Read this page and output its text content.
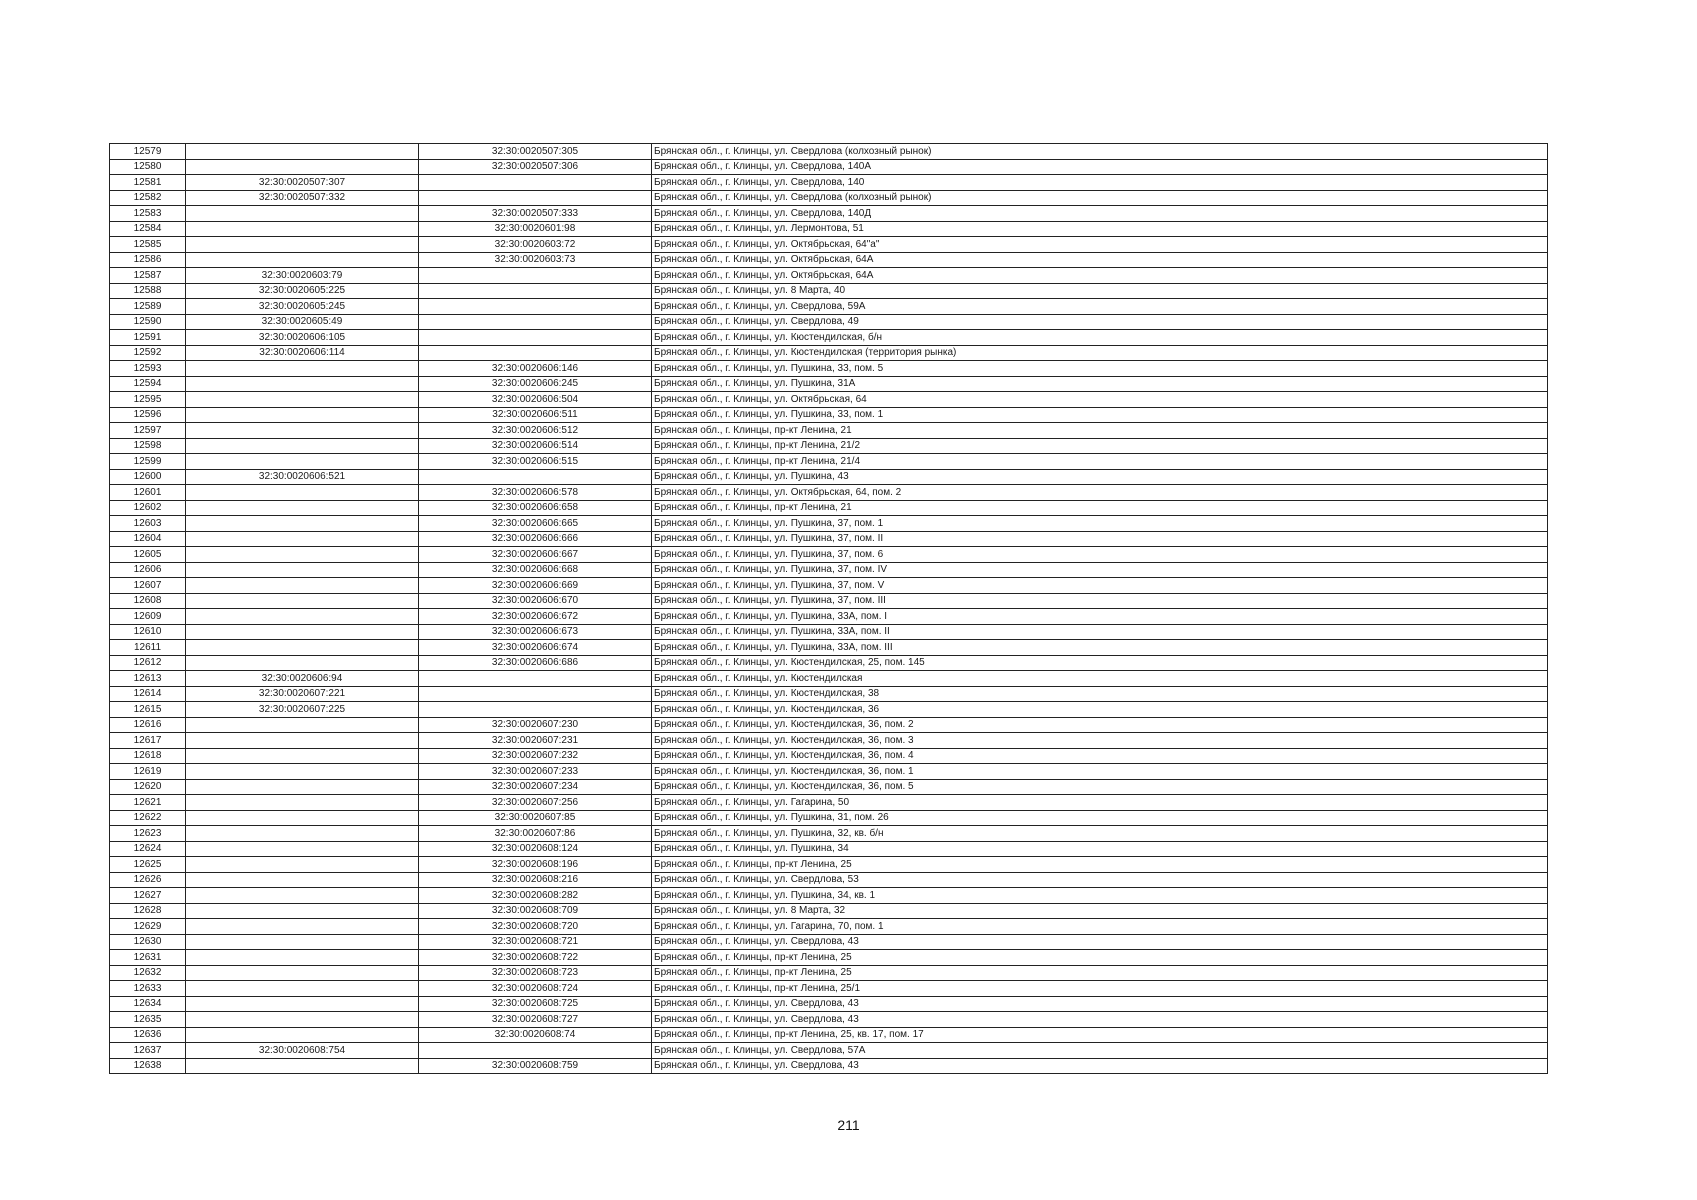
12579		32:30:0020507:305	Брянская обл., г. Клинцы, ул. Свердлова (колхозный рынок)
12580		32:30:0020507:306	Брянская обл., г. Клинцы, ул. Свердлова, 140А
12581	32:30:0020507:307		Брянская обл., г. Клинцы, ул. Свердлова, 140
12582	32:30:0020507:332		Брянская обл., г. Клинцы, ул. Свердлова (колхозный рынок)
12583		32:30:0020507:333	Брянская обл., г. Клинцы, ул. Свердлова, 140Д
12584		32:30:0020601:98	Брянская обл., г. Клинцы, ул. Лермонтова, 51
12585		32:30:0020603:72	Брянская обл., г. Клинцы, ул. Октябрьская, 64"а"
12586		32:30:0020603:73	Брянская обл., г. Клинцы, ул. Октябрьская, 64А
12587	32:30:0020603:79		Брянская обл., г. Клинцы, ул. Октябрьская, 64А
12588	32:30:0020605:225		Брянская обл., г. Клинцы, ул. 8 Марта, 40
12589	32:30:0020605:245		Брянская обл., г. Клинцы, ул. Свердлова, 59А
12590	32:30:0020605:49		Брянская обл., г. Клинцы, ул. Свердлова, 49
12591	32:30:0020606:105		Брянская обл., г. Клинцы, ул. Кюстендилская, б/н
12592	32:30:0020606:114		Брянская обл., г. Клинцы, ул. Кюстендилская (территория рынка)
12593		32:30:0020606:146	Брянская обл., г. Клинцы, ул. Пушкина, 33, пом. 5
12594		32:30:0020606:245	Брянская обл., г. Клинцы, ул. Пушкина, 31А
12595		32:30:0020606:504	Брянская обл., г. Клинцы, ул. Октябрьская, 64
12596		32:30:0020606:511	Брянская обл., г. Клинцы, ул. Пушкина, 33, пом. 1
12597		32:30:0020606:512	Брянская обл., г. Клинцы, пр-кт Ленина, 21
12598		32:30:0020606:514	Брянская обл., г. Клинцы, пр-кт Ленина, 21/2
12599		32:30:0020606:515	Брянская обл., г. Клинцы, пр-кт Ленина, 21/4
12600	32:30:0020606:521		Брянская обл., г. Клинцы, ул. Пушкина, 43
12601		32:30:0020606:578	Брянская обл., г. Клинцы, ул. Октябрьская, 64, пом. 2
12602		32:30:0020606:658	Брянская обл., г. Клинцы, пр-кт Ленина, 21
12603		32:30:0020606:665	Брянская обл., г. Клинцы, ул. Пушкина, 37, пом. 1
12604		32:30:0020606:666	Брянская обл., г. Клинцы, ул. Пушкина, 37, пом. II
12605		32:30:0020606:667	Брянская обл., г. Клинцы, ул. Пушкина, 37, пом. 6
12606		32:30:0020606:668	Брянская обл., г. Клинцы, ул. Пушкина, 37, пом. IV
12607		32:30:0020606:669	Брянская обл., г. Клинцы, ул. Пушкина, 37, пом. V
12608		32:30:0020606:670	Брянская обл., г. Клинцы, ул. Пушкина, 37, пом. III
12609		32:30:0020606:672	Брянская обл., г. Клинцы, ул. Пушкина, 33А, пом. I
12610		32:30:0020606:673	Брянская обл., г. Клинцы, ул. Пушкина, 33А, пом. II
12611		32:30:0020606:674	Брянская обл., г. Клинцы, ул. Пушкина, 33А, пом. III
12612		32:30:0020606:686	Брянская обл., г. Клинцы, ул. Кюстендилская, 25, пом. 145
12613	32:30:0020606:94		Брянская обл., г. Клинцы, ул. Кюстендилская
12614	32:30:0020607:221		Брянская обл., г. Клинцы, ул. Кюстендилская, 38
12615	32:30:0020607:225		Брянская обл., г. Клинцы, ул. Кюстендилская, 36
12616		32:30:0020607:230	Брянская обл., г. Клинцы, ул. Кюстендилская, 36, пом. 2
12617		32:30:0020607:231	Брянская обл., г. Клинцы, ул. Кюстендилская, 36, пом. 3
12618		32:30:0020607:232	Брянская обл., г. Клинцы, ул. Кюстендилская, 36, пом. 4
12619		32:30:0020607:233	Брянская обл., г. Клинцы, ул. Кюстендилская, 36, пом. 1
12620		32:30:0020607:234	Брянская обл., г. Клинцы, ул. Кюстендилская, 36, пом. 5
12621		32:30:0020607:256	Брянская обл., г. Клинцы, ул. Гагарина, 50
12622		32:30:0020607:85	Брянская обл., г. Клинцы, ул. Пушкина, 31, пом. 26
12623		32:30:0020607:86	Брянская обл., г. Клинцы, ул. Пушкина, 32, кв. б/н
12624		32:30:0020608:124	Брянская обл., г. Клинцы, ул. Пушкина, 34
12625		32:30:0020608:196	Брянская обл., г. Клинцы, пр-кт Ленина, 25
12626		32:30:0020608:216	Брянская обл., г. Клинцы, ул. Свердлова, 53
12627		32:30:0020608:282	Брянская обл., г. Клинцы, ул. Пушкина, 34, кв. 1
12628		32:30:0020608:709	Брянская обл., г. Клинцы, ул. 8 Марта, 32
12629		32:30:0020608:720	Брянская обл., г. Клинцы, ул. Гагарина, 70, пом. 1
12630		32:30:0020608:721	Брянская обл., г. Клинцы, ул. Свердлова, 43
12631		32:30:0020608:722	Брянская обл., г. Клинцы, пр-кт Ленина, 25
12632		32:30:0020608:723	Брянская обл., г. Клинцы, пр-кт Ленина, 25
12633		32:30:0020608:724	Брянская обл., г. Клинцы, пр-кт Ленина, 25/1
12634		32:30:0020608:725	Брянская обл., г. Клинцы, ул. Свердлова, 43
12635		32:30:0020608:727	Брянская обл., г. Клинцы, ул. Свердлова, 43
12636		32:30:0020608:74	Брянская обл., г. Клинцы, пр-кт Ленина, 25, кв. 17, пом. 17
12637	32:30:0020608:754		Брянская обл., г. Клинцы, ул. Свердлова, 57А
12638		32:30:0020608:759	Брянская обл., г. Клинцы, ул. Свердлова, 43
211
